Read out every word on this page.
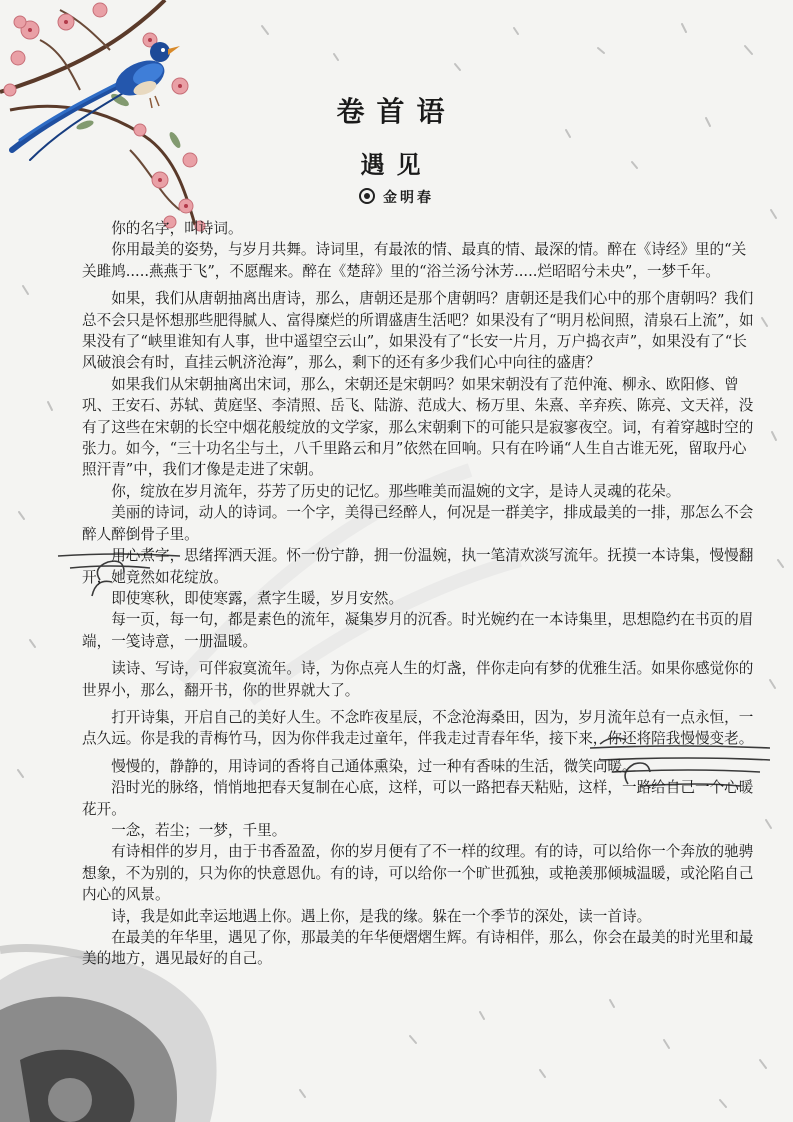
卷首语
遇见
金明春

你的名字，叫诗词。

你用最美的姿势，与岁月共舞。诗词里，有最浓的情、最真的情、最深的情。醉在《诗经》里的“关关雎鸠.....燕燕于飞”，不愿醒来。醉在《楚辞》里的“浴兰汤兮沐芳.....烂昭昭兮未央”，一梦千年。

如果，我们从唐朝抽离出唐诗，那么，唐朝还是那个唐朝吗？唐朝还是我们心中的那个唐朝吗？我们总不会只是怀想那些肥得腻人、富得糜烂的所谓盛唐生活吧？如果没有了“明月松间照，清泉石上流”，如果没有了“峡里谁知有人事，世中遥望空云山”，如果没有了“长安一片月，万户捣衣声”，如果没有了“长风破浪会有时，直挂云帆济沧海”，那么，剩下的还有多少我们心中向往的盛唐？

如果我们从宋朝抽离出宋词，那么，宋朝还是宋朝吗？如果宋朝没有了范仲淹、柳永、欧阳修、曾巩、王安石、苏轼、黄庭坚、李清照、岳飞、陆游、范成大、杨万里、朱熹、辛弃疾、陈亮、文天祥，没有了这些在宋朝的长空中烟花般绽放的文学家，那么宋朝剩下的可能只是寂寥夜空。词，有着穿越时空的张力。如今，“三十功名尘与土，八千里路云和月”依然在回响。只有在吟诵“人生自古谁无死，留取丹心照汗青”中，我们才像是走进了宋朝。

你，绽放在岁月流年，芬芳了历史的记忆。那些唯美而温婉的文字，是诗人灵魂的花朵。

美丽的诗词，动人的诗词。一个字，美得已经醉人，何况是一群美字，排成最美的一排，那怎么不会醉人醉倒骨子里。

用心煮字，思绪挥洒天涯。怀一份宁静，拥一份温婉，执一笔清欢淡写流年。抚摸一本诗集，慢慢翻开，她竟然如花绽放。

即使寒秋，即使寒露，煮字生暖，岁月安然。

每一页，每一句，都是素色的流年，凝集岁月的沉香。时光婉约在一本诗集里，思想隐约在书页的眉端，一笺诗意，一册温暖。

读诗、写诗，可伴寂寞流年。诗，为你点亮人生的灯盏，伴你走向有梦的优雅生活。如果你感觉你的世界小，那么，翻开书，你的世界就大了。

打开诗集，开启自己的美好人生。不念昨夜星辰，不念沧海桑田，因为，岁月流年总有一点永恒，一点久远。你是我的青梅竹马，因为你伴我走过童年，伴我走过青春年华，接下来，你还将陪我慢慢变老。

慢慢的，静静的，用诗词的香将自己通体熏染，过一种有香味的生活，微笑向暖。

沿时光的脉络，悄悄地把春天复制在心底，这样，可以一路把春天粘贴，这样，一路给自己一个心暖花开。

一念，若尘；一梦，千里。

有诗相伴的岁月，由于书香盈盈，你的岁月便有了不一样的纹理。有的诗，可以给你一个奔放的驰骋想象，不为别的，只为你的快意恩仇。有的诗，可以给你一个旷世孤独，或艳羡那倾城温暖，或沦陷自己内心的风景。

诗，我是如此幸运地遇上你。遇上你，是我的缘。躲在一个季节的深处，读一首诗。

在最美的年华里，遇见了你，那最美的年华便熠熠生辉。有诗相伴，那么，你会在最美的时光里和最美的地方，遇见最好的自己。
